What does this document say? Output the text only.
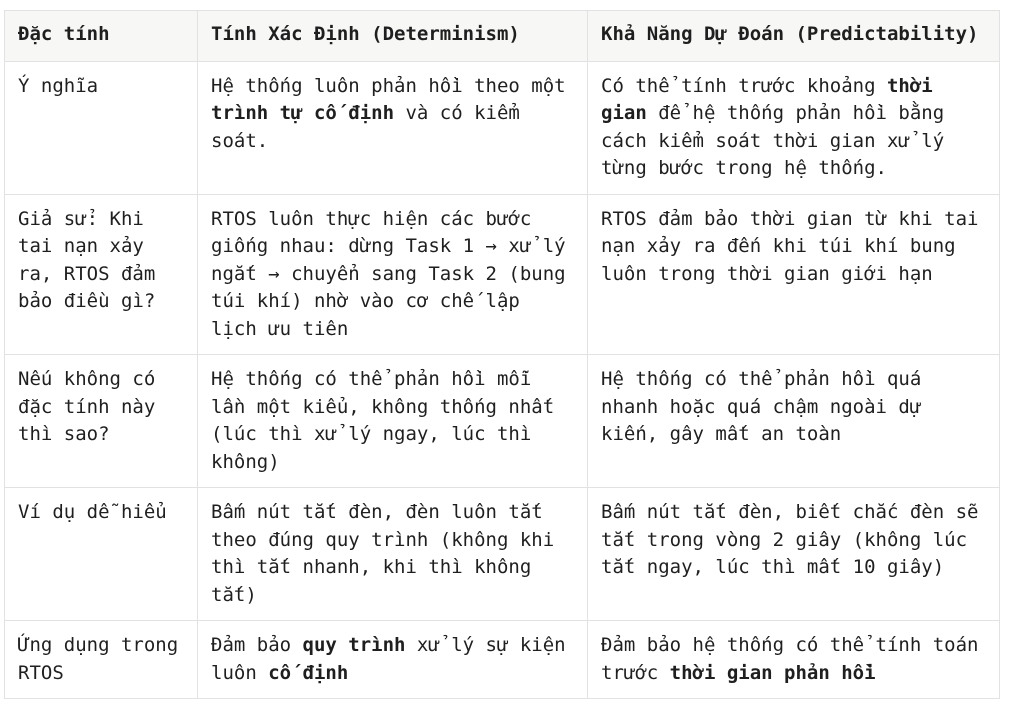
Đặc tính	Tính Xác Định (Determinism)	Khả Năng Dự Đoán (Predictability)
Ý nghĩa	Hệ thống luôn phản hồi theo một trình tự cố định và có kiểm soát.	Có thể tính trước khoảng thời gian để hệ thống phản hồi bằng cách kiểm soát thời gian xử lý từng bước trong hệ thống.
Giả sử: Khi tai nạn xảy ra, RTOS đảm bảo điều gì?	RTOS luôn thực hiện các bước giống nhau: dừng Task 1 → xử lý ngắt → chuyển sang Task 2 (bung túi khí) nhờ vào cơ chế lập lịch ưu tiên	RTOS đảm bảo thời gian từ khi tai nạn xảy ra đến khi túi khí bung luôn trong thời gian giới hạn
Nếu không có đặc tính này thì sao?	Hệ thống có thể phản hồi mỗi lần một kiểu, không thống nhất (lúc thì xử lý ngay, lúc thì không)	Hệ thống có thể phản hồi quá nhanh hoặc quá chậm ngoài dự kiến, gây mất an toàn
Ví dụ dễ hiểu	Bấm nút tắt đèn, đèn luôn tắt theo đúng quy trình (không khi thì tắt nhanh, khi thì không tắt)	Bấm nút tắt đèn, biết chắc đèn sẽ tắt trong vòng 2 giây (không lúc tắt ngay, lúc thì mất 10 giây)
Ứng dụng trong RTOS	Đảm bảo quy trình xử lý sự kiện luôn cố định	Đảm bảo hệ thống có thể tính toán trước thời gian phản hồi
